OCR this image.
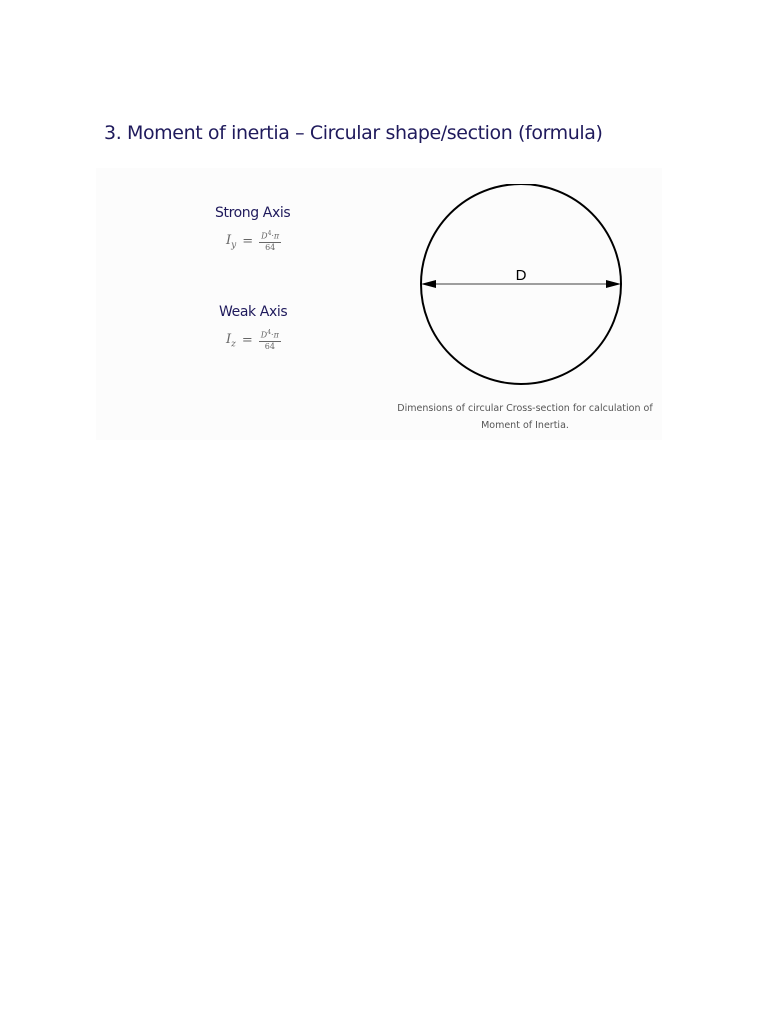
3. Moment of inertia – Circular shape/section (formula)
Strong Axis
$I_y = \frac{D^4\cdot\pi}{64}$
Weak Axis
$I_z = \frac{D^4\cdot\pi}{64}$
D
Dimensions of circular Cross-section for calculation of
Moment of Inertia.
